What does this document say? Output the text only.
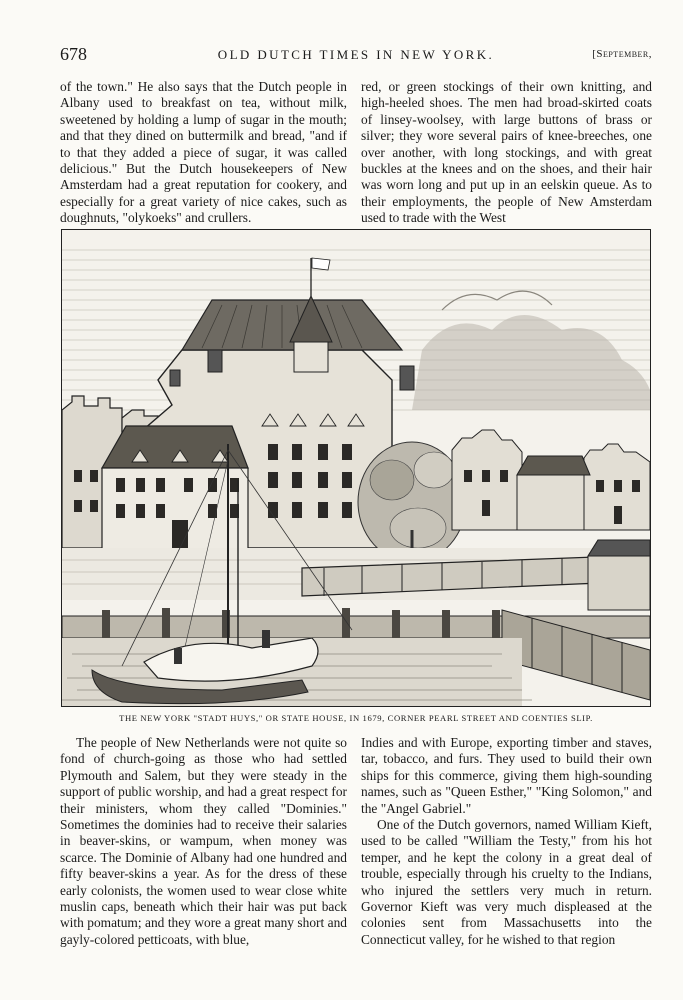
678	OLD DUTCH TIMES IN NEW YORK.	[September,

of the town." He also says that the Dutch people in Albany used to breakfast on tea, without milk, sweetened by holding a lump of sugar in the mouth; and that they dined on buttermilk and bread, "and if to that they added a piece of sugar, it was called delicious." But the Dutch housekeepers of New Amsterdam had a great reputation for cookery, and especially for a great variety of nice cakes, such as doughnuts, "olykoeks" and crullers.

red, or green stockings of their own knitting, and high-heeled shoes. The men had broad-skirted coats of linsey-woolsey, with large buttons of brass or silver; they wore several pairs of knee-breeches, one over another, with long stockings, and with great buckles at the knees and on the shoes, and their hair was worn long and put up in an eelskin queue. As to their employments, the people of New Amsterdam used to trade with the West

THE NEW YORK "STADT HUYS," OR STATE HOUSE, IN 1679, CORNER PEARL STREET AND COENTIES SLIP.

The people of New Netherlands were not quite so fond of church-going as those who had settled Plymouth and Salem, but they were steady in the support of public worship, and had a great respect for their ministers, whom they called "Dominies." Sometimes the dominies had to receive their salaries in beaver-skins, or wampum, when money was scarce. The Dominie of Albany had one hundred and fifty beaver-skins a year. As for the dress of these early colonists, the women used to wear close white muslin caps, beneath which their hair was put back with pomatum; and they wore a great many short and gayly-colored petticoats, with blue,

Indies and with Europe, exporting timber and staves, tar, tobacco, and furs. They used to build their own ships for this commerce, giving them high-sounding names, such as "Queen Esther," "King Solomon," and the "Angel Gabriel."

One of the Dutch governors, named William Kieft, used to be called "William the Testy," from his hot temper, and he kept the colony in a great deal of trouble, especially through his cruelty to the Indians, who injured the settlers very much in return. Governor Kieft was very much displeased at the colonies sent from Massachusetts into the Connecticut valley, for he wished to that region
